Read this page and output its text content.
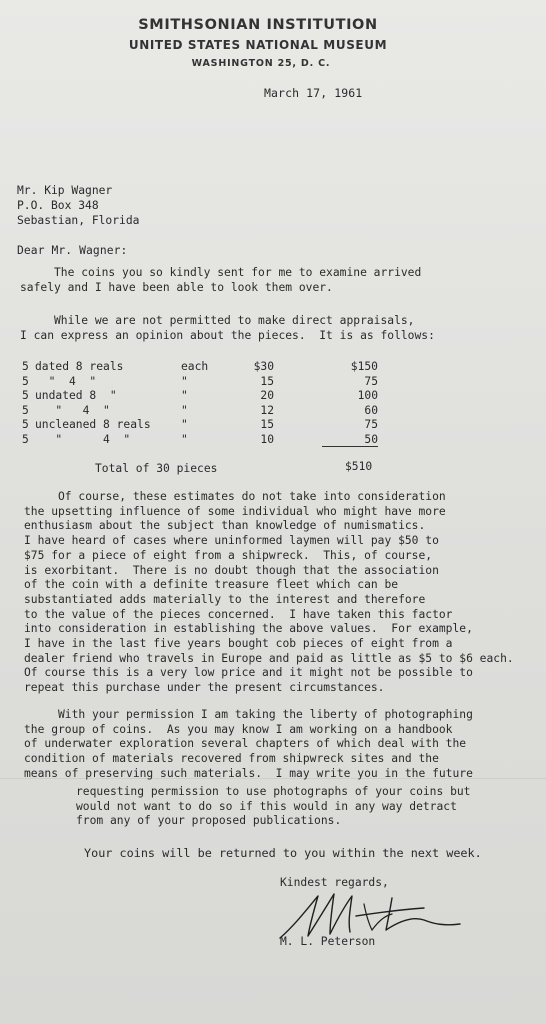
SMITHSONIAN INSTITUTION
UNITED STATES NATIONAL MUSEUM
WASHINGTON 25, D. C.
March 17, 1961
Mr. Kip Wagner
P.O. Box 348
Sebastian, Florida
Dear Mr. Wagner:
The coins you so kindly sent for me to examine arrived
safely and I have been able to look them over.
While we are not permitted to make direct appraisals,
I can express an opinion about the pieces.  It is as follows:
5 dated 8 reals	each	$30	$150
5 "  4  "	"	15	75
5 undated 8  "	"	20	100
5 "   4  "	"	12	60
5 uncleaned 8 reals	"	15	75
5 "      4  "	"	10	50
Total of 30 pieces	$510
Of course, these estimates do not take into consideration
the upsetting influence of some individual who might have more
enthusiasm about the subject than knowledge of numismatics.
I have heard of cases where uninformed laymen will pay $50 to
$75 for a piece of eight from a shipwreck.  This, of course,
is exorbitant.  There is no doubt though that the association
of the coin with a definite treasure fleet which can be
substantiated adds materially to the interest and therefore
to the value of the pieces concerned.  I have taken this factor
into consideration in establishing the above values.  For example,
I have in the last five years bought cob pieces of eight from a
dealer friend who travels in Europe and paid as little as $5 to $6 each.
Of course this is a very low price and it might not be possible to
repeat this purchase under the present circumstances.
With your permission I am taking the liberty of photographing
the group of coins.  As you may know I am working on a handbook
of underwater exploration several chapters of which deal with the
condition of materials recovered from shipwreck sites and the
means of preserving such materials.  I may write you in the future
requesting permission to use photographs of your coins but
would not want to do so if this would in any way detract
from any of your proposed publications.
Your coins will be returned to you within the next week.
Kindest regards,
M. L. Peterson
